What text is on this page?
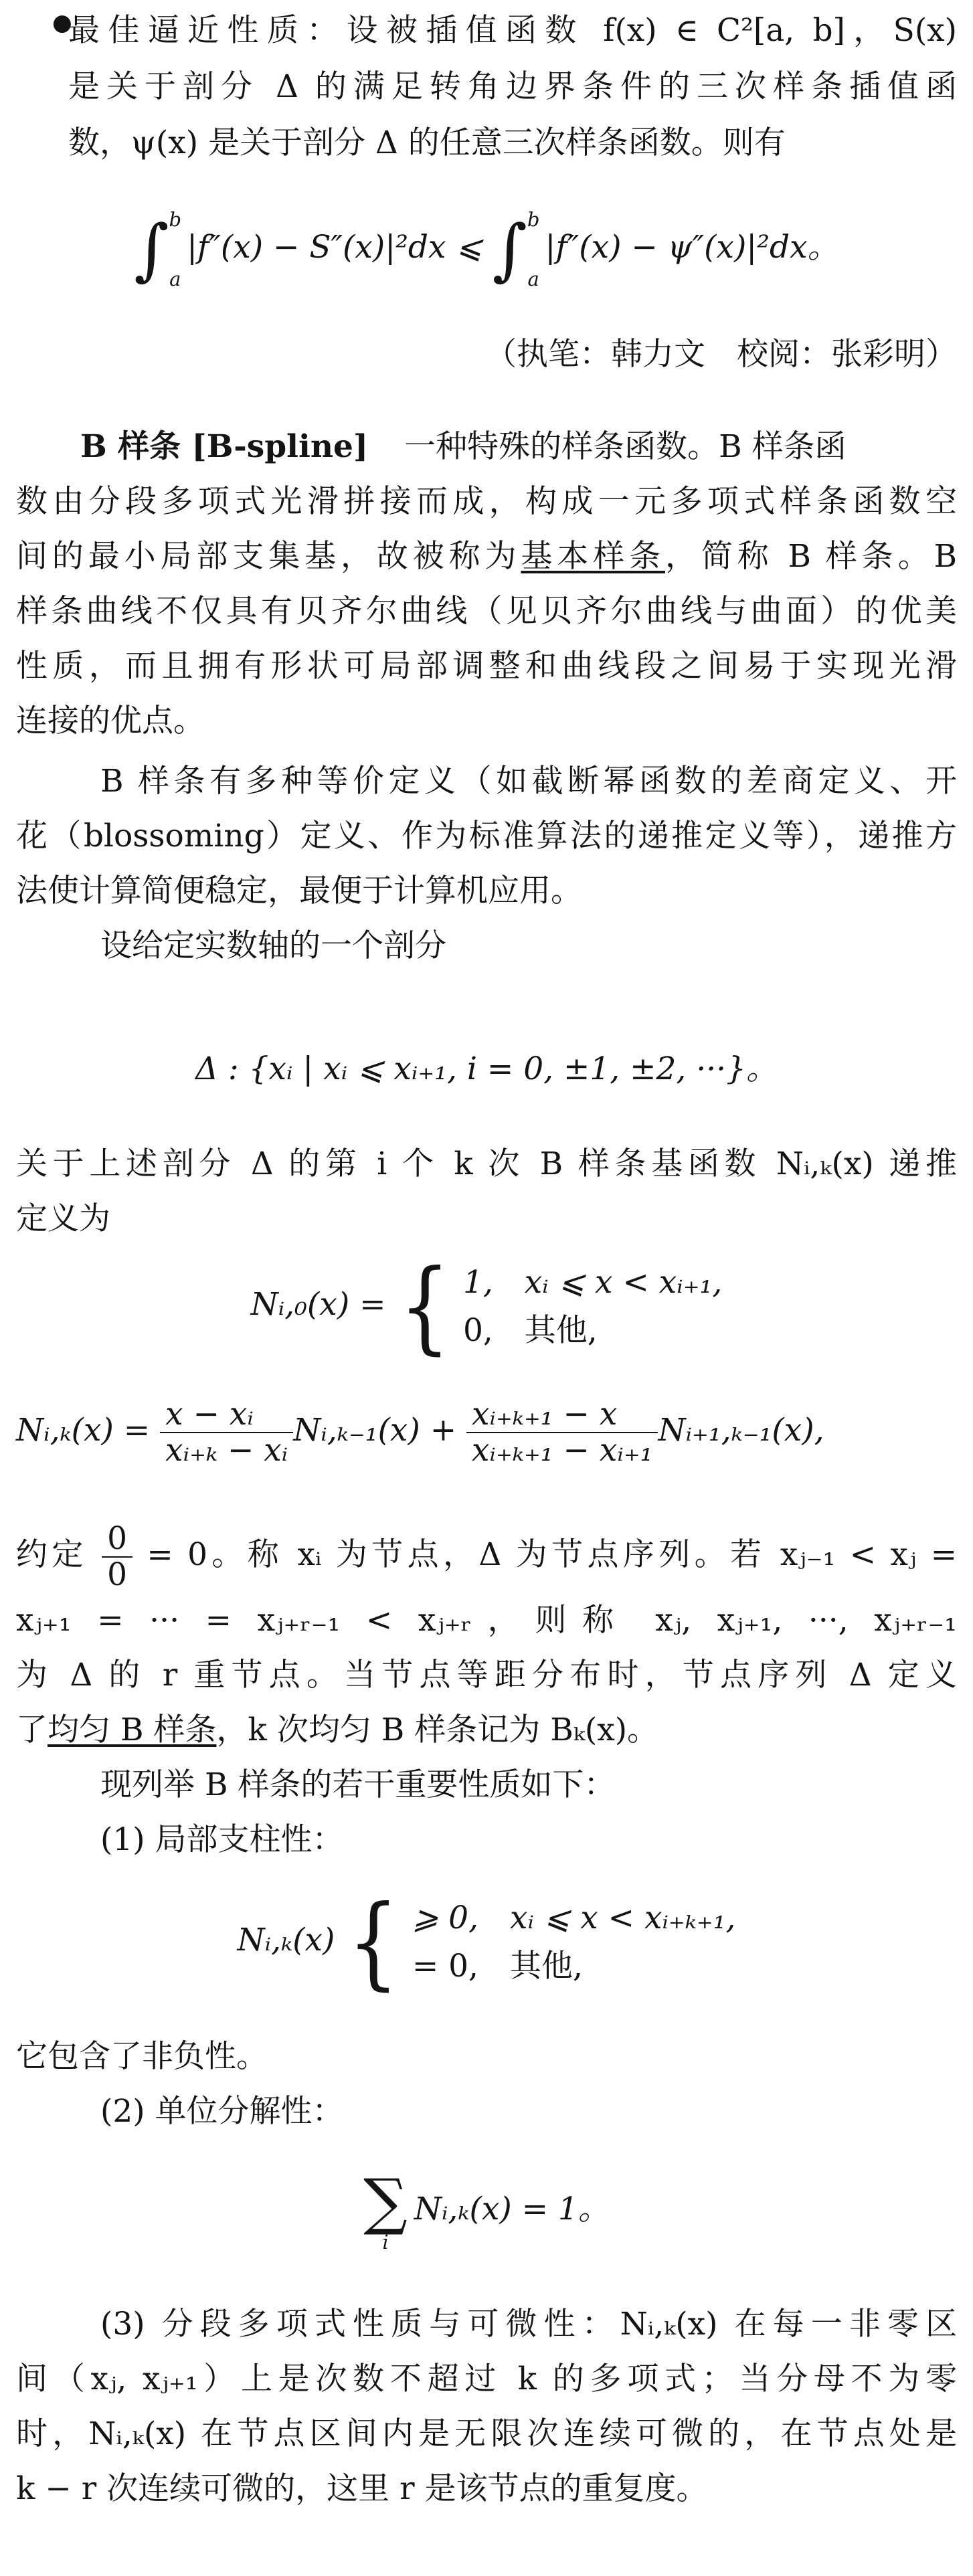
●
最佳逼近性质：设被插值函数 f(x) ∈ C²[a, b]，S(x)
是关于剖分 Δ 的满足转角边界条件的三次样条插值函
数，ψ(x) 是关于剖分 Δ 的任意三次样条函数。则有
∫ b
a
|f″(x) − S″(x)|²dx ⩽ ∫ b
a
|f″(x) − ψ″(x)|²dx。
（执笔：韩力文　校阅：张彩明）
B 样条 [B-spline] 一种特殊的样条函数。B 样条函
数由分段多项式光滑拼接而成，构成一元多项式样条函数空
间的最小局部支集基，故被称为基本样条，简称 B 样条。B
样条曲线不仅具有贝齐尔曲线（见贝齐尔曲线与曲面）的优美
性质，而且拥有形状可局部调整和曲线段之间易于实现光滑
连接的优点。
B 样条有多种等价定义（如截断幂函数的差商定义、开
花（blossoming）定义、作为标准算法的递推定义等），递推方
法使计算简便稳定，最便于计算机应用。
设给定实数轴的一个剖分
Δ : {xᵢ | xᵢ ⩽ xᵢ₊₁, i = 0, ±1, ±2, ···}。
关于上述剖分 Δ 的第 i 个 k 次 B 样条基函数 Nᵢ,ₖ(x) 递推
定义为
Nᵢ,₀(x) = { 1,　xᵢ ⩽ x < xᵢ₊₁,
0,　其他,
Nᵢ,ₖ(x) = $\frac{\text{x − xᵢ}}{\text{xᵢ₊ₖ − xᵢ}}$ Nᵢ,ₖ₋₁(x) + $\frac{\text{xᵢ₊ₖ₊₁ − x}}{\text{xᵢ₊ₖ₊₁ − xᵢ₊₁}}$ Nᵢ₊₁,ₖ₋₁(x),
约定 $\frac{0}{0} = 0$。称 xᵢ 为节点，Δ 为节点序列。若 xⱼ₋₁ < xⱼ =
xⱼ₊₁ = ··· = xⱼ₊ᵣ₋₁ < xⱼ₊ᵣ，则称 xⱼ, xⱼ₊₁, ···, xⱼ₊ᵣ₋₁
为 Δ 的 r 重节点。当节点等距分布时，节点序列 Δ 定义
了均匀 B 样条，k 次均匀 B 样条记为 Bₖ(x)。
现列举 B 样条的若干重要性质如下：
(1) 局部支柱性：
Nᵢ,ₖ(x) { ⩾ 0,　xᵢ ⩽ x < xᵢ₊ₖ₊₁,
= 0,　其他,
它包含了非负性。
(2) 单位分解性：
∑
i
Nᵢ,ₖ(x) = 1。
(3) 分段多项式性质与可微性：Nᵢ,ₖ(x) 在每一非零区
间（xⱼ, xⱼ₊₁）上是次数不超过 k 的多项式；当分母不为零
时，Nᵢ,ₖ(x) 在节点区间内是无限次连续可微的，在节点处是
k − r 次连续可微的，这里 r 是该节点的重复度。
